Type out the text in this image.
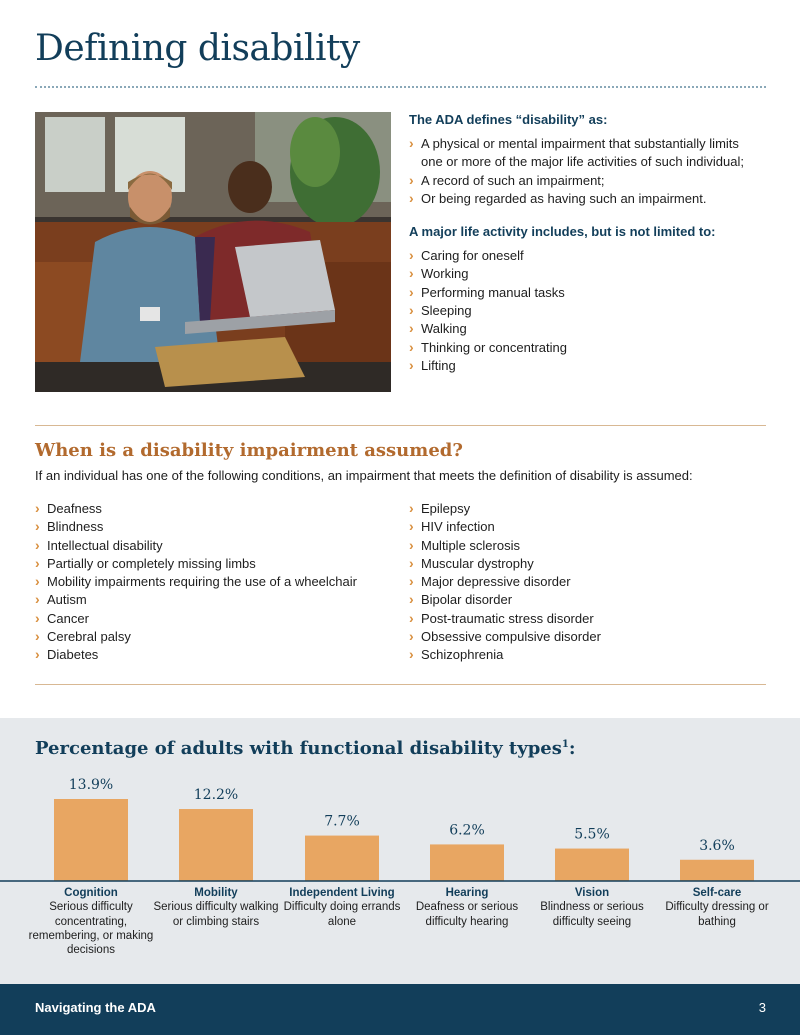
Defining disability
The ADA defines “disability” as:
› A physical or mental impairment that substantially limits one or more of the major life activities of such individual;
› A record of such an impairment;
› Or being regarded as having such an impairment.
A major life activity includes, but is not limited to:
› Caring for oneself
› Working
› Performing manual tasks
› Sleeping
› Walking
› Thinking or concentrating
› Lifting
When is a disability impairment assumed?

If an individual has one of the following conditions, an impairment that meets the definition of disability is assumed:

› Deafness
› Blindness
› Intellectual disability
› Partially or completely missing limbs
› Mobility impairments requiring the use of a wheelchair
› Autism
› Cancer
› Cerebral palsy
› Diabetes
› Epilepsy
› HIV infection
› Multiple sclerosis
› Muscular dystrophy
› Major depressive disorder
› Bipolar disorder
› Post-traumatic stress disorder
› Obsessive compulsive disorder
› Schizophrenia
13.9%
12.2%
7.7%
6.2%	5.5%
3.6%
Percentage of adults with functional disability types$^1$:
Cognition
Serious difficulty concentrating, remembering, or making decisions
Mobility
Serious difficulty walking or climbing stairs
Independent Living
Difficulty doing errands alone
Hearing
Deafness or serious difficulty hearing
Vision
Blindness or serious difficulty seeing
Self-care
Difficulty dressing or bathing
Navigating the ADA	3
